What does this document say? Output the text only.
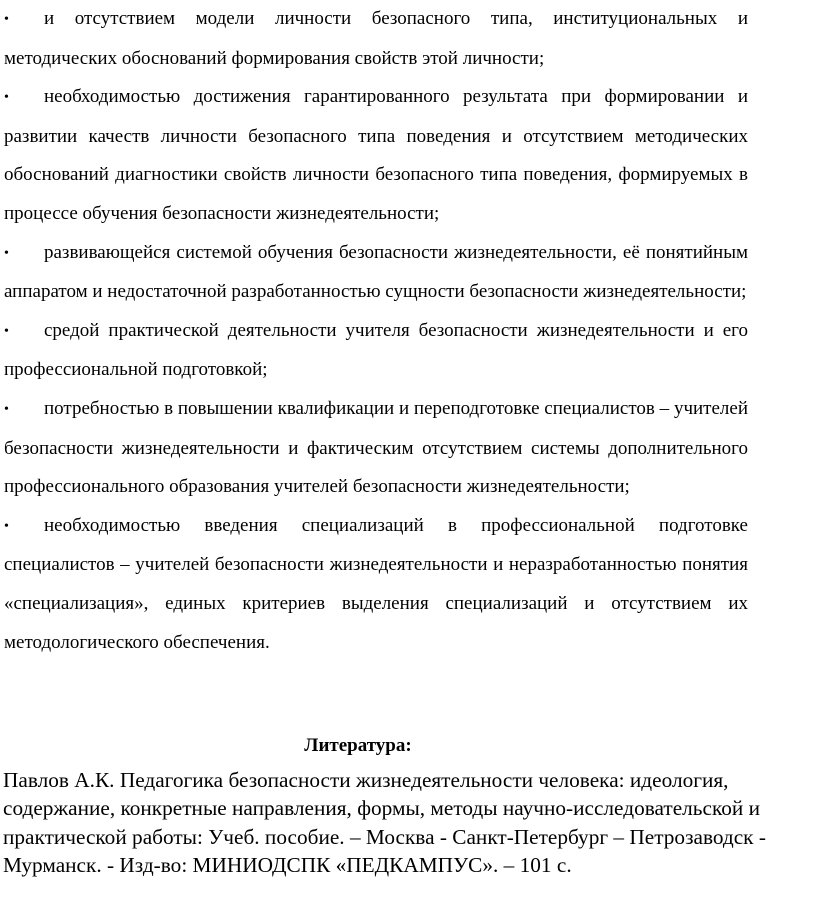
• и отсутствием модели личности безопасного типа, институциональных и методических обоснований формирования свойств этой личности;
• необходимостью достижения гарантированного результата при формировании и развитии качеств личности безопасного типа поведения и отсутствием методических обоснований диагностики свойств личности безопасного типа поведения, формируемых в процессе обучения безопасности жизнедеятельности;
• развивающейся системой обучения безопасности жизнедеятельности, её понятийным аппаратом и недостаточной разработанностью сущности безопасности жизнедеятельности;
• средой практической деятельности учителя безопасности жизнедеятельности и его профессиональной подготовкой;
• потребностью в повышении квалификации и переподготовке специалистов – учителей безопасности жизнедеятельности и фактическим отсутствием системы дополнительного профессионального образования учителей безопасности жизнедеятельности;
• необходимостью введения специализаций в профессиональной подготовке специалистов – учителей безопасности жизнедеятельности и неразработанностью понятия «специализация», единых критериев выделения специализаций и отсутствием их методологического обеспечения.
Литература:

Павлов А.К. Педагогика безопасности жизнедеятельности человека: идеология, содержание, конкретные направления, формы, методы научно-исследовательской и практической работы: Учеб. пособие. – Москва - Санкт-Петербург – Петрозаводск - Мурманск. - Изд-во: МИНИОДСПК «ПЕДКАМПУС». – 101 с.
